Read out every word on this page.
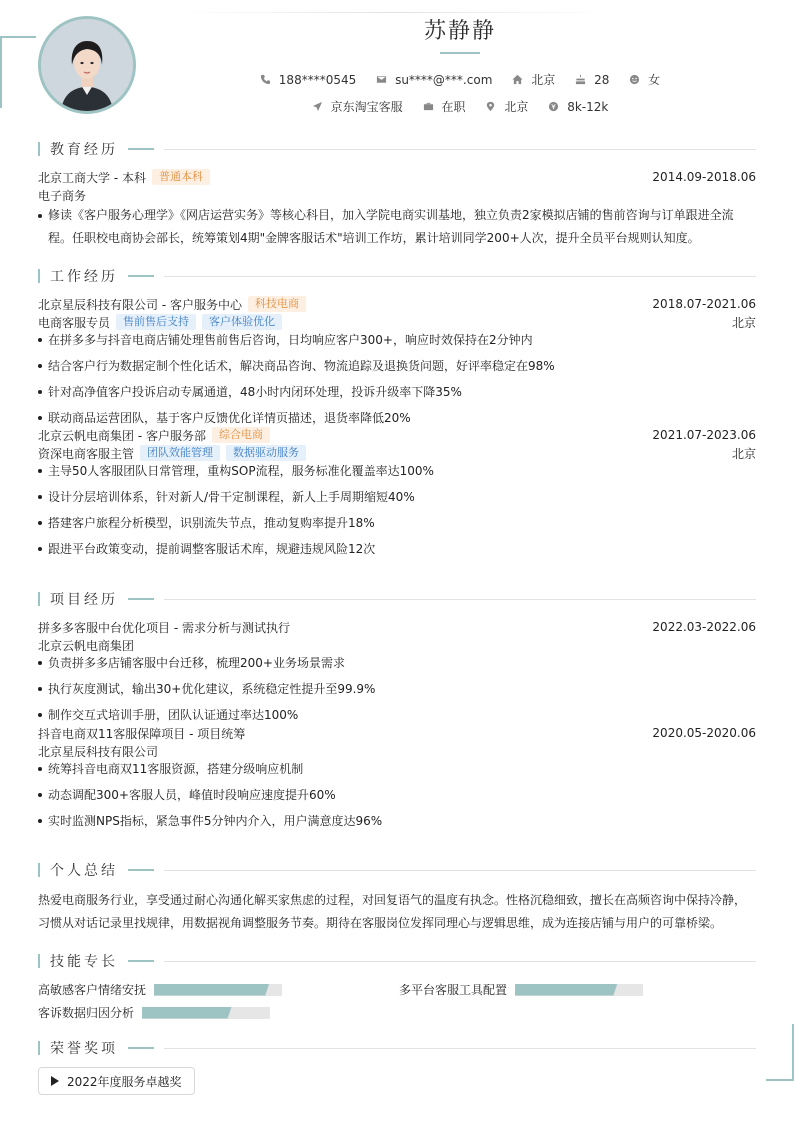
苏静静
188****0545
	su****@***.com
	北京
	28
	女
京东淘宝客服
	在职
	北京
	8k-12k
教育经历
北京工商大学 - 本科	普通本科	2014.09-2018.06
电子商务
修读《客户服务心理学》《网店运营实务》等核心科目，加入学院电商实训基地，独立负责2家模拟店铺的售前咨询与订单跟进全流程。任职校电商协会部长，统筹策划4期"金牌客服话术"培训工作坊，累计培训同学200+人次，提升全员平台规则认知度。
工作经历
北京星辰科技有限公司 - 客户服务中心	科技电商	2018.07-2021.06
电商客服专员	售前售后支持	客户体验优化	北京
在拼多多与抖音电商店铺处理售前售后咨询，日均响应客户300+，响应时效保持在2分钟内
结合客户行为数据定制个性化话术，解决商品咨询、物流追踪及退换货问题，好评率稳定在98%
针对高净值客户投诉启动专属通道，48小时内闭环处理，投诉升级率下降35%
联动商品运营团队，基于客户反馈优化详情页描述，退货率降低20%
北京云帆电商集团 - 客户服务部	综合电商	2021.07-2023.06
资深电商客服主管	团队效能管理	数据驱动服务	北京
主导50人客服团队日常管理，重构SOP流程，服务标准化覆盖率达100%
设计分层培训体系，针对新人/骨干定制课程，新人上手周期缩短40%
搭建客户旅程分析模型，识别流失节点，推动复购率提升18%
跟进平台政策变动，提前调整客服话术库，规避违规风险12次
项目经历
拼多多客服中台优化项目 - 需求分析与测试执行	2022.03-2022.06
北京云帆电商集团
负责拼多多店铺客服中台迁移，梳理200+业务场景需求
执行灰度测试，输出30+优化建议，系统稳定性提升至99.9%
制作交互式培训手册，团队认证通过率达100%
抖音电商双11客服保障项目 - 项目统筹	2020.05-2020.06
北京星辰科技有限公司
统筹抖音电商双11客服资源，搭建分级响应机制
动态调配300+客服人员，峰值时段响应速度提升60%
实时监测NPS指标，紧急事件5分钟内介入，用户满意度达96%
个人总结
热爱电商服务行业，享受通过耐心沟通化解买家焦虑的过程，对回复语气的温度有执念。性格沉稳细致，擅长在高频咨询中保持冷静，习惯从对话记录里找规律，用数据视角调整服务节奏。期待在客服岗位发挥同理心与逻辑思维，成为连接店铺与用户的可靠桥梁。
技能专长
高敏感客户情绪安抚	多平台客服工具配置
客诉数据归因分析
荣誉奖项
2022年度服务卓越奖
